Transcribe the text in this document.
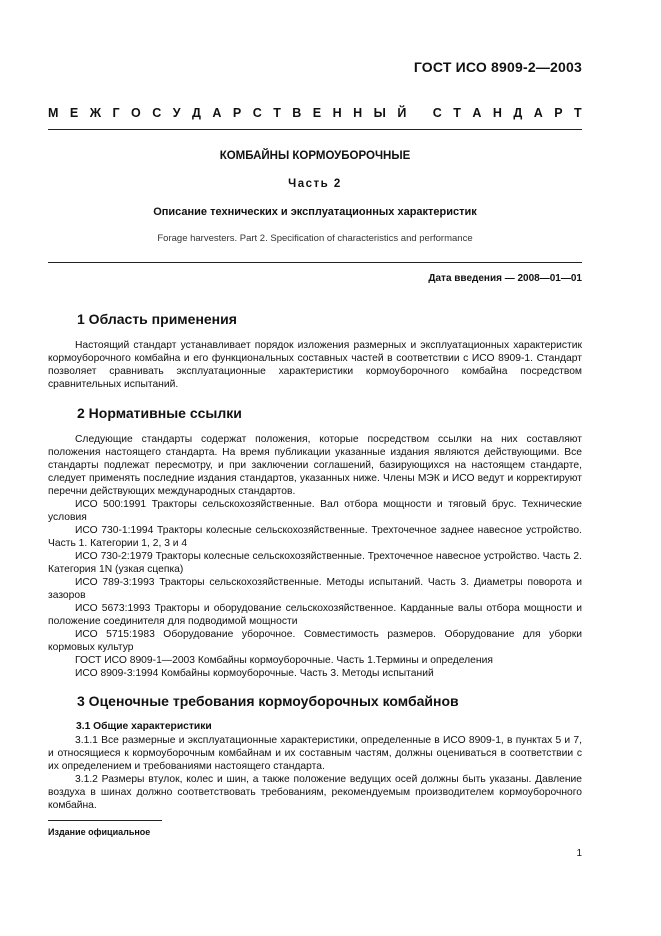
ГОСТ ИСО 8909-2—2003
М Е Ж Г О С У Д А Р С Т В Е Н Н Ы Й
С Т А Н Д А Р Т
КОМБАЙНЫ КОРМОУБОРОЧНЫЕ
Часть 2
Описание технических и эксплуатационных характеристик
Forage harvesters. Part 2. Specification of characteristics and performance
Дата введения — 2008—01—01
1 Область применения

Настоящий стандарт устанавливает порядок изложения размерных и эксплуатационных характеристик кормоуборочного комбайна и его функциональных составных частей в соответствии с ИСО 8909-1. Стандарт позволяет сравнивать эксплуатационные характеристики кормоуборочного комбайна посредством сравнительных испытаний.

2 Нормативные ссылки

Следующие стандарты содержат положения, которые посредством ссылки на них составляют положения настоящего стандарта. На время публикации указанные издания являются действующими. Все стандарты подлежат пересмотру, и при заключении соглашений, базирующихся на настоящем стандарте, следует применять последние издания стандартов, указанных ниже. Члены МЭК и ИСО ведут и корректируют перечни действующих международных стандартов.

ИСО 500:1991 Тракторы сельскохозяйственные. Вал отбора мощности и тяговый брус. Технические условия

ИСО 730-1:1994 Тракторы колесные сельскохозяйственные. Трехточечное заднее навесное устройство. Часть 1. Категории 1, 2, 3 и 4

ИСО 730-2:1979 Тракторы колесные сельскохозяйственные. Трехточечное навесное устройство. Часть 2. Категория 1N (узкая сцепка)

ИСО 789-3:1993 Тракторы сельскохозяйственные. Методы испытаний. Часть 3. Диаметры поворота и зазоров

ИСО 5673:1993 Тракторы и оборудование сельскохозяйственное. Карданные валы отбора мощности и положение соединителя для подводимой мощности

ИСО 5715:1983 Оборудование уборочное. Совместимость размеров. Оборудование для уборки кормовых культур

ГОСТ ИСО 8909-1—2003 Комбайны кормоуборочные. Часть 1.Термины и определения

ИСО 8909-3:1994 Комбайны кормоуборочные. Часть 3. Методы испытаний

3 Оценочные требования кормоуборочных комбайнов

3.1 Общие характеристики

3.1.1 Все размерные и эксплуатационные характеристики, определенные в ИСО 8909-1, в пунктах 5 и 7, и относящиеся к кормоуборочным комбайнам и их составным частям, должны оцениваться в соответствии с их определением и требованиями настоящего стандарта.

3.1.2 Размеры втулок, колес и шин, а также положение ведущих осей должны быть указаны. Давление воздуха в шинах должно соответствовать требованиям, рекомендуемым производителем кормоуборочного комбайна.

Издание официальное
1
